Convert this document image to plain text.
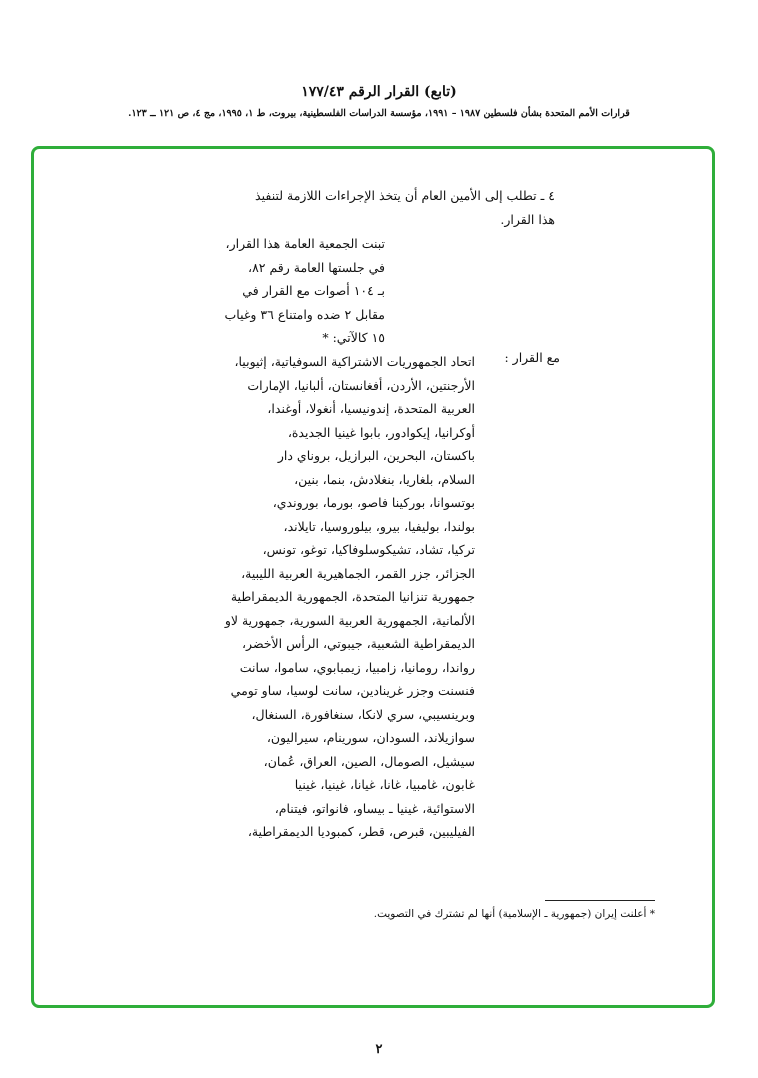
(تابع) القرار الرقم ١٧٧/٤٣
قرارات الأمم المتحدة بشأن فلسطين ١٩٨٧ – ١٩٩١، مؤسسة الدراسات الفلسطينية، بيروت، ط ١، ١٩٩٥، مج ٤، ص ١٢١ ــ ١٢٣.
٤ ـ تطلب إلى الأمين العام أن يتخذ الإجراءات اللازمة لتنفيذ
هذا القرار.
تبنت الجمعية العامة هذا القرار،
في جلستها العامة رقم ٨٢،
بـ ١٠٤ أصوات مع القرار في
مقابل ٢ ضده وامتناع ٣٦ وغياب
١٥ كالآتي: *
مع القرار :
اتحاد الجمهوريات الاشتراكية السوفياتية، إثيوبيا،
الأرجنتين، الأردن، أفغانستان، ألبانيا، الإمارات
العربية المتحدة، إندونيسيا، أنغولا، أوغندا،
أوكرانيا، إيكوادور، بابوا غينيا الجديدة،
باكستان، البحرين، البرازيل، بروناي دار
السلام، بلغاريا، بنغلادش، بنما، بنين،
بوتسوانا، بوركينا فاصو، بورما، بوروندي،
بولندا، بوليفيا، بيرو، بيلوروسيا، تايلاند،
تركيا، تشاد، تشيكوسلوفاكيا، توغو، تونس،
الجزائر، جزر القمر، الجماهيرية العربية الليبية،
جمهورية تنزانيا المتحدة، الجمهورية الديمقراطية
الألمانية، الجمهورية العربية السورية، جمهورية لاو
الديمقراطية الشعبية، جيبوتي، الرأس الأخضر،
رواندا، رومانيا، زامبيا، زيمبابوي، ساموا، سانت
فنسنت وجزر غرينادين، سانت لوسيا، ساو تومي
وبرينسيبي، سري لانكا، سنغافورة، السنغال،
سوازيلاند، السودان، سورينام، سيراليون،
سيشيل، الصومال، الصين، العراق، عُمان،
غابون، غامبيا، غانا، غيانا، غينيا، غينيا
الاستوائية، غينيا ـ بيساو، فانواتو، فيتنام،
الفيليبين، قبرص، قطر، كمبوديا الديمقراطية،
* أعلنت إيران (جمهورية ـ الإسلامية) أنها لم تشترك في التصويت.
٢
